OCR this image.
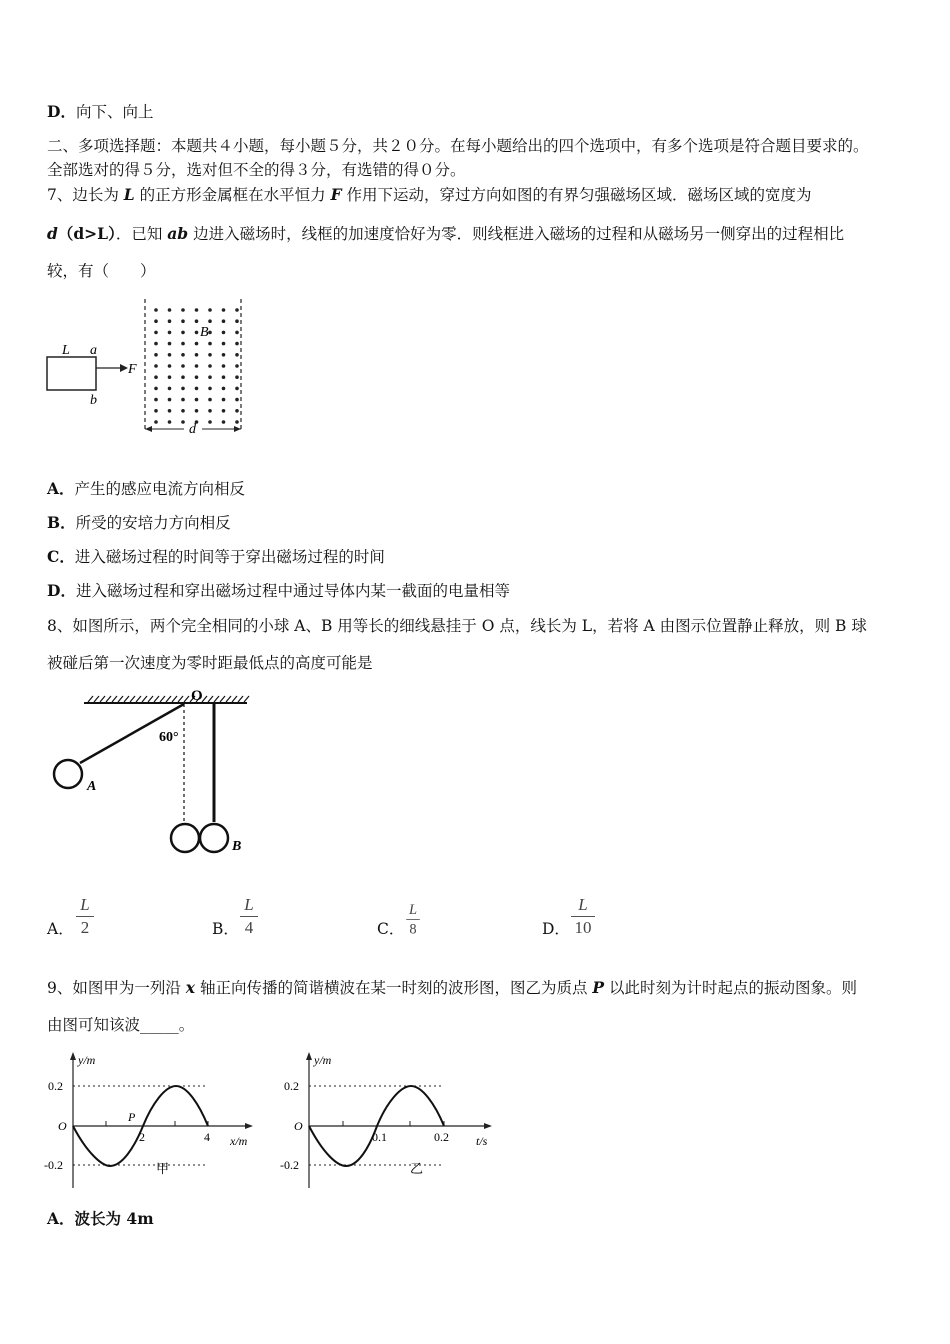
D．向下、向上
二、多项选择题：本题共４小题，每小题５分，共２０分。在每小题给出的四个选项中，有多个选项是符合题目要求的。
全部选对的得５分，选对但不全的得３分，有选错的得０分。
7、边长为 L 的正方形金属框在水平恒力 F 作用下运动，穿过方向如图的有界匀强磁场区域．磁场区域的宽度为
d（d>L）．已知 ab 边进入磁场时，线框的加速度恰好为零．则线框进入磁场的过程和从磁场另一侧穿出的过程相比
较，有（　　）
L a
b
F
B
d
A．产生的感应电流方向相反
B．所受的安培力方向相反
C．进入磁场过程的时间等于穿出磁场过程的时间
D．进入磁场过程和穿出磁场过程中通过导体内某一截面的电量相等
8、如图所示，两个完全相同的小球 A、B 用等长的细线悬挂于 O 点，线长为 L，若将 A 由图示位置静止释放，则 B 球
被碰后第一次速度为零时距最低点的高度可能是
O
60°
A
B
A．
L
2	B．
L
4	C．
L
8	D．
L
10
9、如图甲为一列沿 x 轴正向传播的简谐横波在某一时刻的波形图，图乙为质点 P 以此时刻为计时起点的振动图象。则
由图可知该波_____。
y/m
x/m
O
0.2
-0.2
2	4
P
甲
y/m
t/s
O
0.2
-0.2
0.1	0.2
乙
A．波长为 4m
